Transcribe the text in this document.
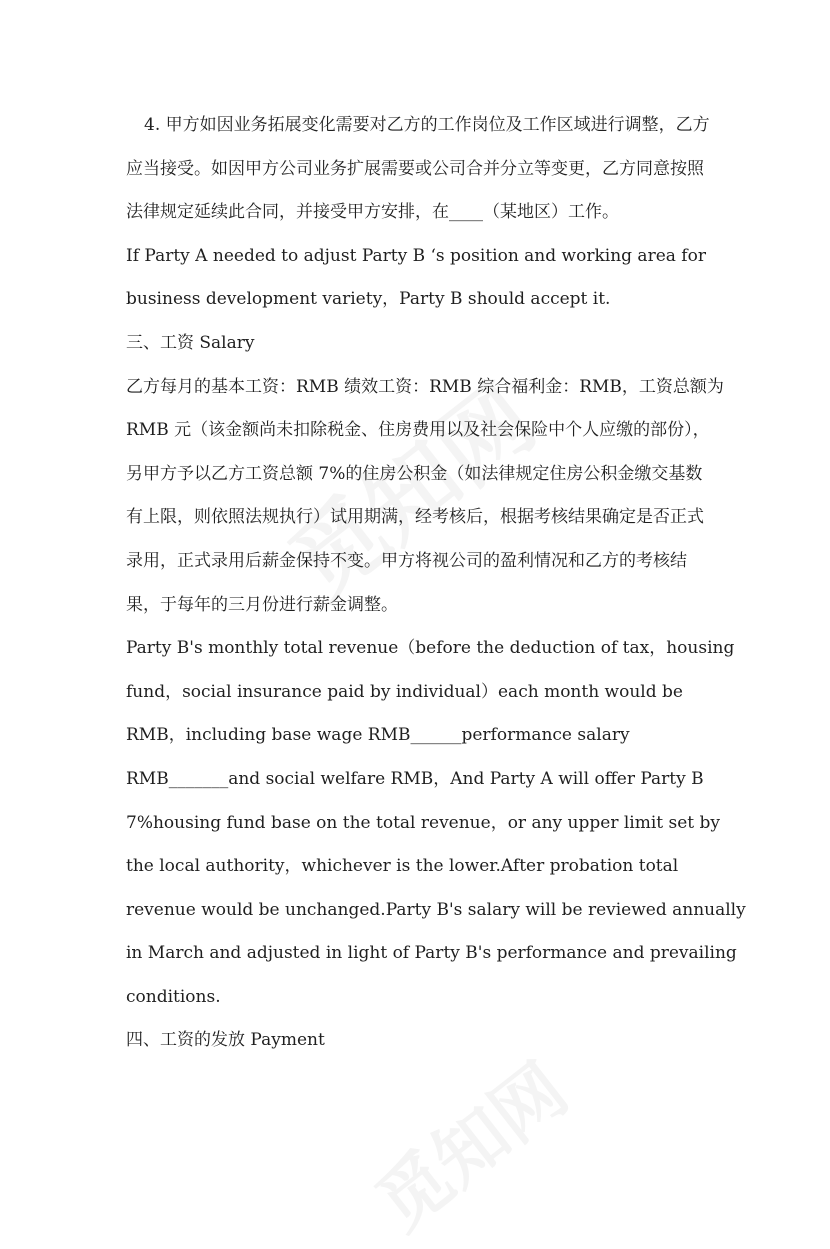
4. 甲方如因业务拓展变化需要对乙方的工作岗位及工作区域进行调整，乙方
应当接受。如因甲方公司业务扩展需要或公司合并分立等变更，乙方同意按照
法律规定延续此合同，并接受甲方安排，在____（某地区）工作。
If Party A needed to adjust Party B ‘s position and working area for
business development variety，Party B should accept it.
三、工资 Salary
乙方每月的基本工资：RMB 绩效工资：RMB 综合福利金：RMB，工资总额为
RMB 元（该金额尚未扣除税金、住房费用以及社会保险中个人应缴的部份），
另甲方予以乙方工资总额 7%的住房公积金（如法律规定住房公积金缴交基数
有上限，则依照法规执行）试用期满，经考核后，根据考核结果确定是否正式
录用，正式录用后薪金保持不变。甲方将视公司的盈利情况和乙方的考核结
果，于每年的三月份进行薪金调整。
Party B's monthly total revenue（before the deduction of tax，housing
fund，social insurance paid by individual）each month would be
RMB，including base wage RMB______performance salary
RMB_______and social welfare RMB，And Party A will offer Party B
7%housing fund base on the total revenue，or any upper limit set by
the local authority，whichever is the lower.After probation total
revenue would be unchanged.Party B's salary will be reviewed annually
in March and adjusted in light of Party B's performance and prevailing
conditions.
四、工资的发放 Payment
